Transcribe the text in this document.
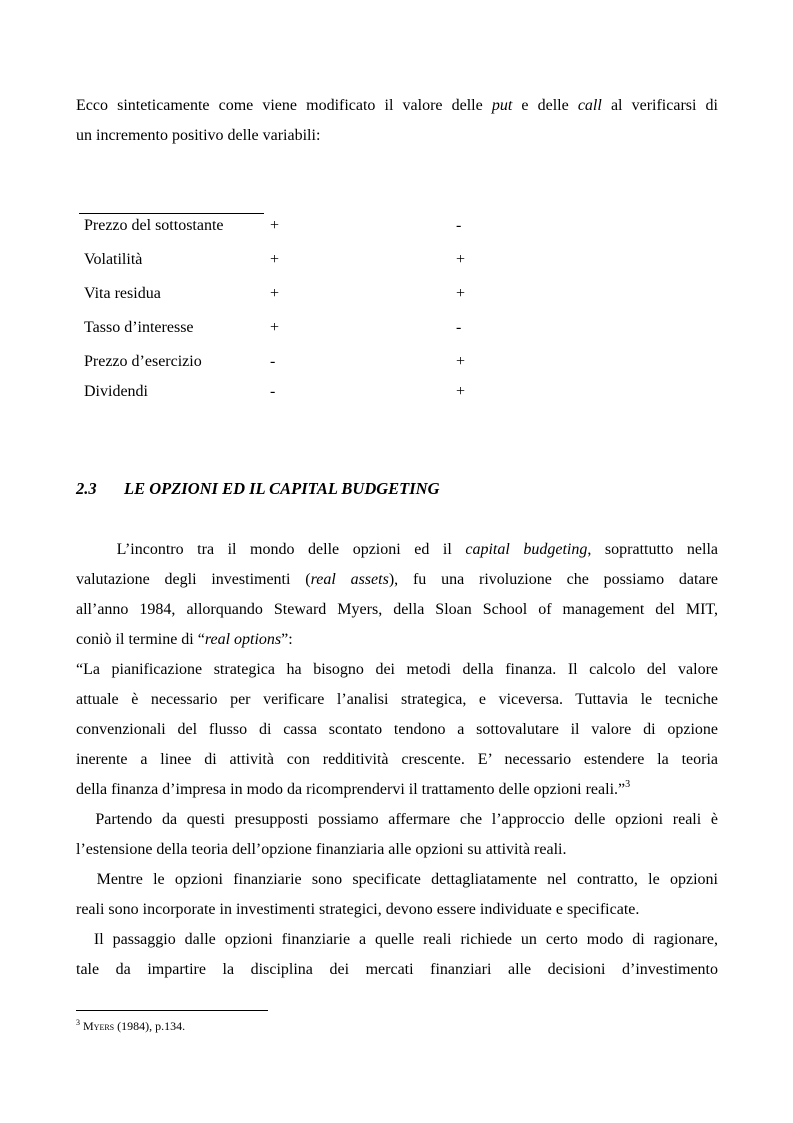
Ecco sinteticamente come viene modificato il valore delle put e delle call al verificarsi di
un incremento positivo delle variabili:
Prezzo del sottostante	+	-
Volatilità	+	+
Vita residua	+	+
Tasso d’interesse	+	-
Prezzo d’esercizio	-	+
Dividendi	-	+
2.3 LE OPZIONI ED IL CAPITAL BUDGETING
L’incontro tra il mondo delle opzioni ed il capital budgeting, soprattutto nella
valutazione degli investimenti (real assets), fu una rivoluzione che possiamo datare
all’anno 1984, allorquando Steward Myers, della Sloan School of management del MIT,
coniò il termine di “real options”:
“La pianificazione strategica ha bisogno dei metodi della finanza. Il calcolo del valore
attuale è necessario per verificare l’analisi strategica, e viceversa. Tuttavia le tecniche
convenzionali del flusso di cassa scontato tendono a sottovalutare il valore di opzione
inerente a linee di attività con redditività crescente. E’ necessario estendere la teoria
della finanza d’impresa in modo da ricomprendervi il trattamento delle opzioni reali.”$^3$
Partendo da questi presupposti possiamo affermare che l’approccio delle opzioni reali è
l’estensione della teoria dell’opzione finanziaria alle opzioni su attività reali.
Mentre le opzioni finanziarie sono specificate dettagliatamente nel contratto, le opzioni
reali sono incorporate in investimenti strategici, devono essere individuate e specificate.
Il passaggio dalle opzioni finanziarie a quelle reali richiede un certo modo di ragionare,
tale da impartire la disciplina dei mercati finanziari alle decisioni d’investimento
$^3$ Myers (1984), p.134.
